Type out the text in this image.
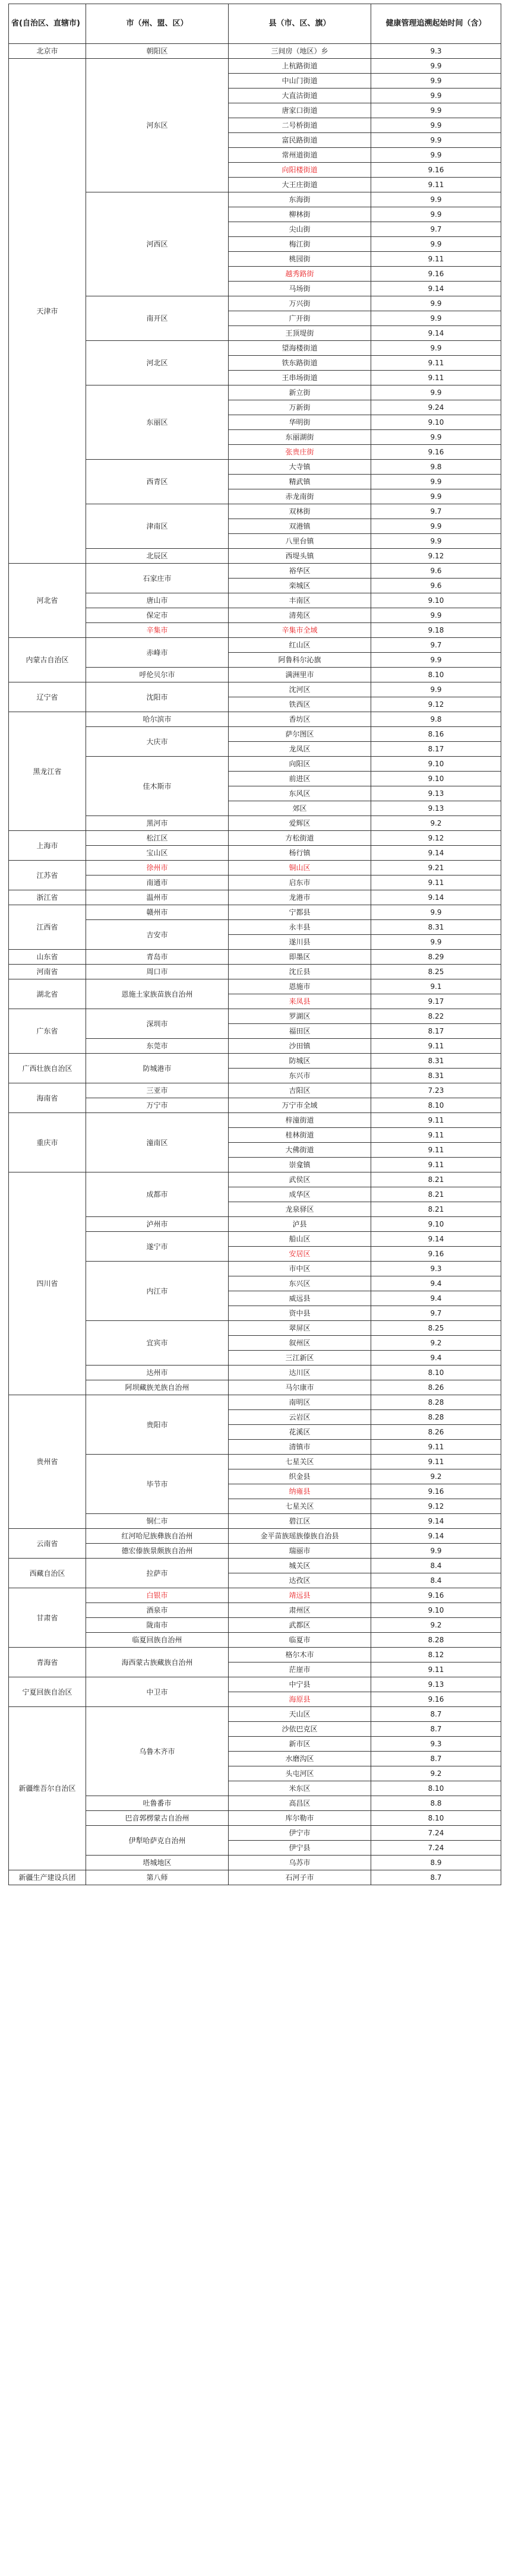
省(自治区、直辖市)	市（州、盟、区）	县（市、区、旗）	健康管理追溯起始时间（含）
北京市	朝阳区	三间房（地区）乡	9.3
天津市	河东区	上杭路街道	9.9
		中山门街道	9.9
		大直沽街道	9.9
		唐家口街道	9.9
		二号桥街道	9.9
		富民路街道	9.9
		常州道街道	9.9
		向阳楼街道	9.16
		大王庄街道	9.11
	河西区	东海街	9.9
		柳林街	9.9
		尖山街	9.7
		梅江街	9.9
		桃园街	9.11
		越秀路街	9.16
		马场街	9.14
	南开区	万兴街	9.9
		广开街	9.9
		王顶堤街	9.14
	河北区	望海楼街道	9.9
		铁东路街道	9.11
		王串场街道	9.11
	东丽区	新立街	9.9
		万新街	9.24
		华明街	9.10
		东丽湖街	9.9
		张贵庄街	9.16
	西青区	大寺镇	9.8
		精武镇	9.9
		赤龙南街	9.9
	津南区	双林街	9.7
		双港镇	9.9
		八里台镇	9.9
	北辰区	西堤头镇	9.12
河北省	石家庄市	裕华区	9.6
		栾城区	9.6
	唐山市	丰南区	9.10
	保定市	清苑区	9.9
	辛集市	辛集市全域	9.18
内蒙古自治区	赤峰市	红山区	9.7
		阿鲁科尔沁旗	9.9
	呼伦贝尔市	满洲里市	8.10
辽宁省	沈阳市	沈河区	9.9
		铁西区	9.12
黑龙江省	哈尔滨市	香坊区	9.8
	大庆市	萨尔图区	8.16
		龙凤区	8.17
	佳木斯市	向阳区	9.10
		前进区	9.10
		东风区	9.13
		郊区	9.13
	黑河市	爱辉区	9.2
上海市	松江区	方松街道	9.12
	宝山区	杨行镇	9.14
江苏省	徐州市	铜山区	9.21
	南通市	启东市	9.11
浙江省	温州市	龙港市	9.14
江西省	赣州市	宁都县	9.9
	吉安市	永丰县	8.31
		遂川县	9.9
山东省	青岛市	即墨区	8.29
河南省	周口市	沈丘县	8.25
湖北省	恩施土家族苗族自治州	恩施市	9.1
		来凤县	9.17
广东省	深圳市	罗湖区	8.22
		福田区	8.17
	东莞市	沙田镇	9.11
广西壮族自治区	防城港市	防城区	8.31
		东兴市	8.31
海南省	三亚市	吉阳区	7.23
	万宁市	万宁市全域	8.10
重庆市	潼南区	梓潼街道	9.11
		桂林街道	9.11
		大佛街道	9.11
		崇龛镇	9.11
四川省	成都市	武侯区	8.21
		成华区	8.21
		龙泉驿区	8.21
	泸州市	泸县	9.10
	遂宁市	船山区	9.14
		安居区	9.16
	内江市	市中区	9.3
		东兴区	9.4
		威远县	9.4
		资中县	9.7
	宜宾市	翠屏区	8.25
		叙州区	9.2
		三江新区	9.4
	达州市	达川区	8.10
	阿坝藏族羌族自治州	马尔康市	8.26
贵州省	贵阳市	南明区	8.28
		云岩区	8.28
		花溪区	8.26
		清镇市	9.11
	毕节市	七星关区	9.11
		织金县	9.2
		纳雍县	9.16
		七星关区	9.12
	铜仁市	碧江区	9.14
云南省	红河哈尼族彝族自治州	金平苗族瑶族傣族自治县	9.14
	德宏傣族景颇族自治州	瑞丽市	9.9
西藏自治区	拉萨市	城关区	8.4
		达孜区	8.4
甘肃省	白银市	靖远县	9.16
	酒泉市	肃州区	9.10
	陇南市	武都区	9.2
	临夏回族自治州	临夏市	8.28
青海省	海西蒙古族藏族自治州	格尔木市	8.12
		茫崖市	9.11
宁夏回族自治区	中卫市	中宁县	9.13
		海原县	9.16
新疆维吾尔自治区	乌鲁木齐市	天山区	8.7
		沙依巴克区	8.7
		新市区	9.3
		水磨沟区	8.7
		头屯河区	9.2
		米东区	8.10
	吐鲁番市	高昌区	8.8
	巴音郭楞蒙古自治州	库尔勒市	8.10
	伊犁哈萨克自治州	伊宁市	7.24
		伊宁县	7.24
	塔城地区	乌苏市	8.9
新疆生产建设兵团	第八师	石河子市	8.7
